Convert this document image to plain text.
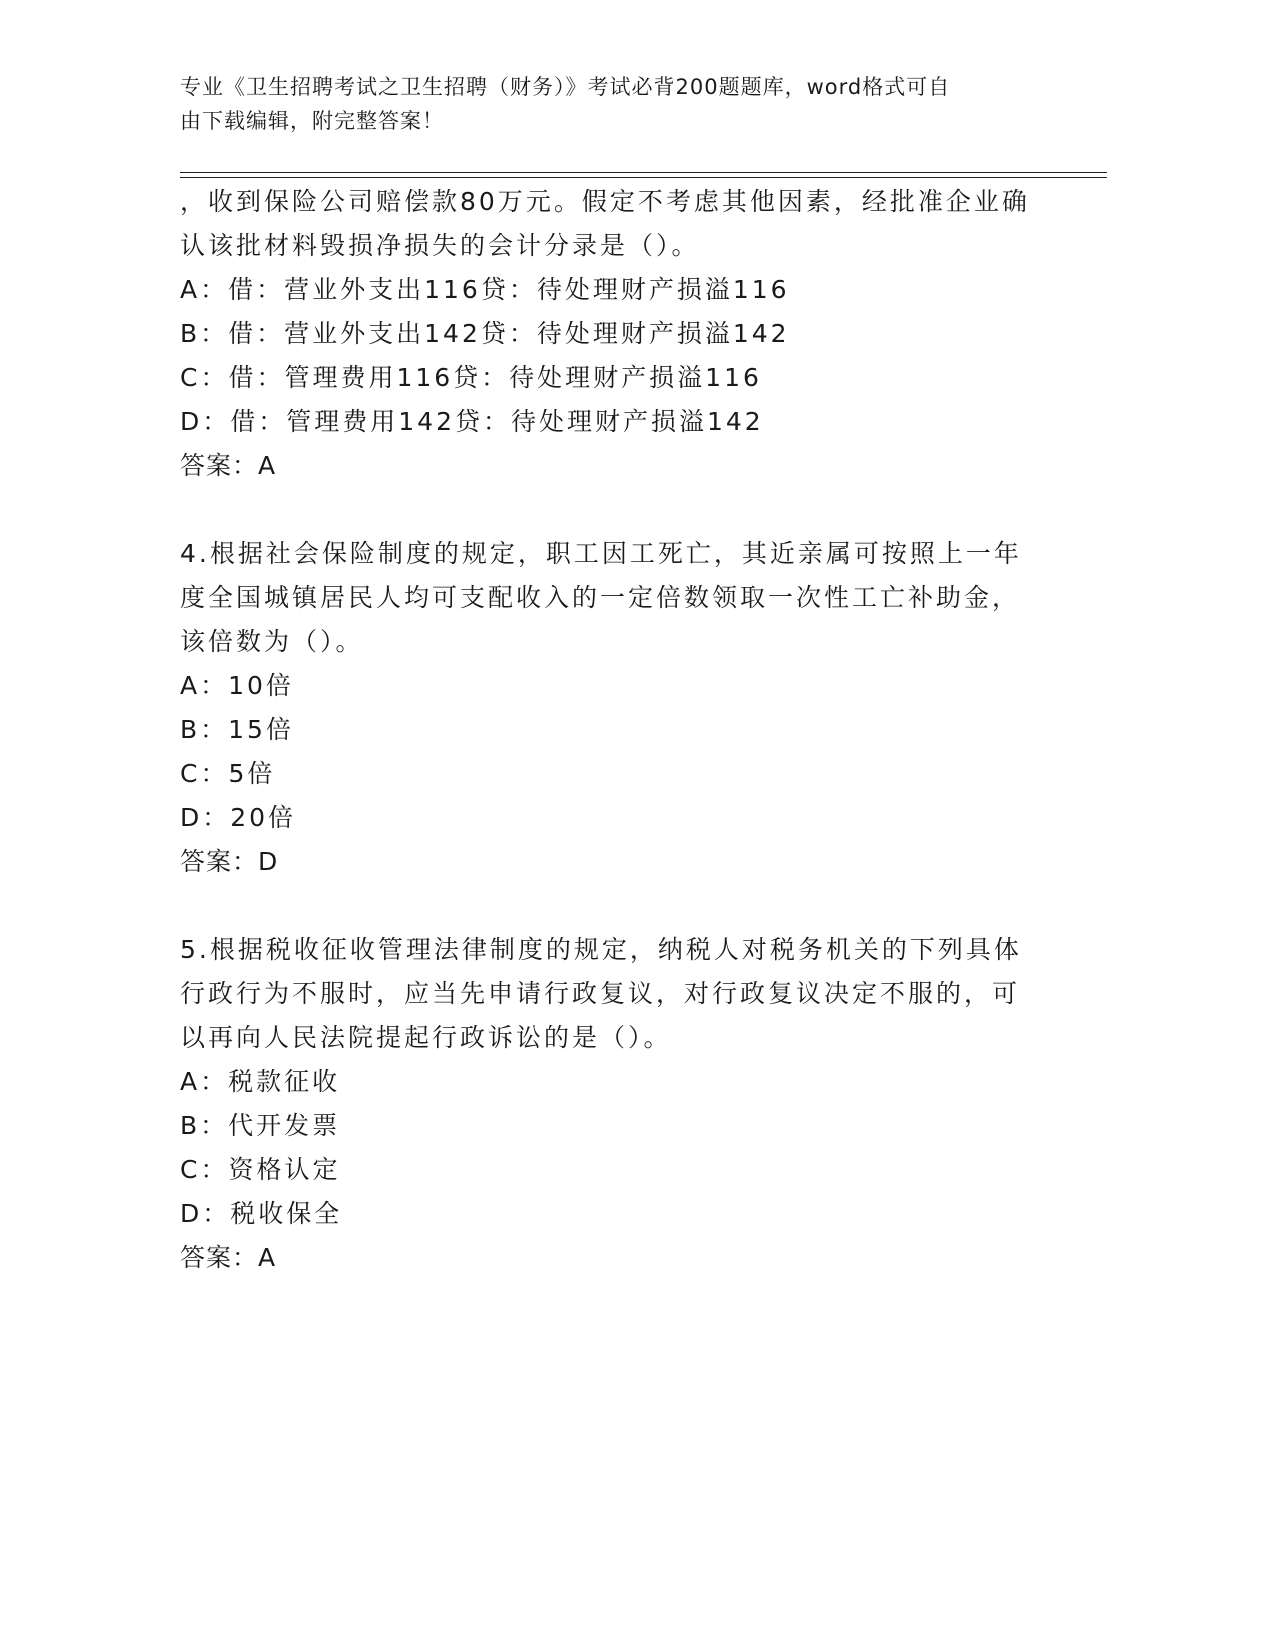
专业《卫生招聘考试之卫生招聘（财务）》考试必背200题题库，word格式可自
由下载编辑，附完整答案！

，收到保险公司赔偿款80万元。假定不考虑其他因素，经批准企业确

认该批材料毁损净损失的会计分录是（）。

A：借：营业外支出116贷：待处理财产损溢116

B：借：营业外支出142贷：待处理财产损溢142

C：借：管理费用116贷：待处理财产损溢116

D：借：管理费用142贷：待处理财产损溢142

答案：A

4.根据社会保险制度的规定，职工因工死亡，其近亲属可按照上一年

度全国城镇居民人均可支配收入的一定倍数领取一次性工亡补助金，

该倍数为（）。

A：10倍

B：15倍

C：5倍

D：20倍

答案：D

5.根据税收征收管理法律制度的规定，纳税人对税务机关的下列具体

行政行为不服时，应当先申请行政复议，对行政复议决定不服的，可

以再向人民法院提起行政诉讼的是（）。

A：税款征收

B：代开发票

C：资格认定

D：税收保全

答案：A
